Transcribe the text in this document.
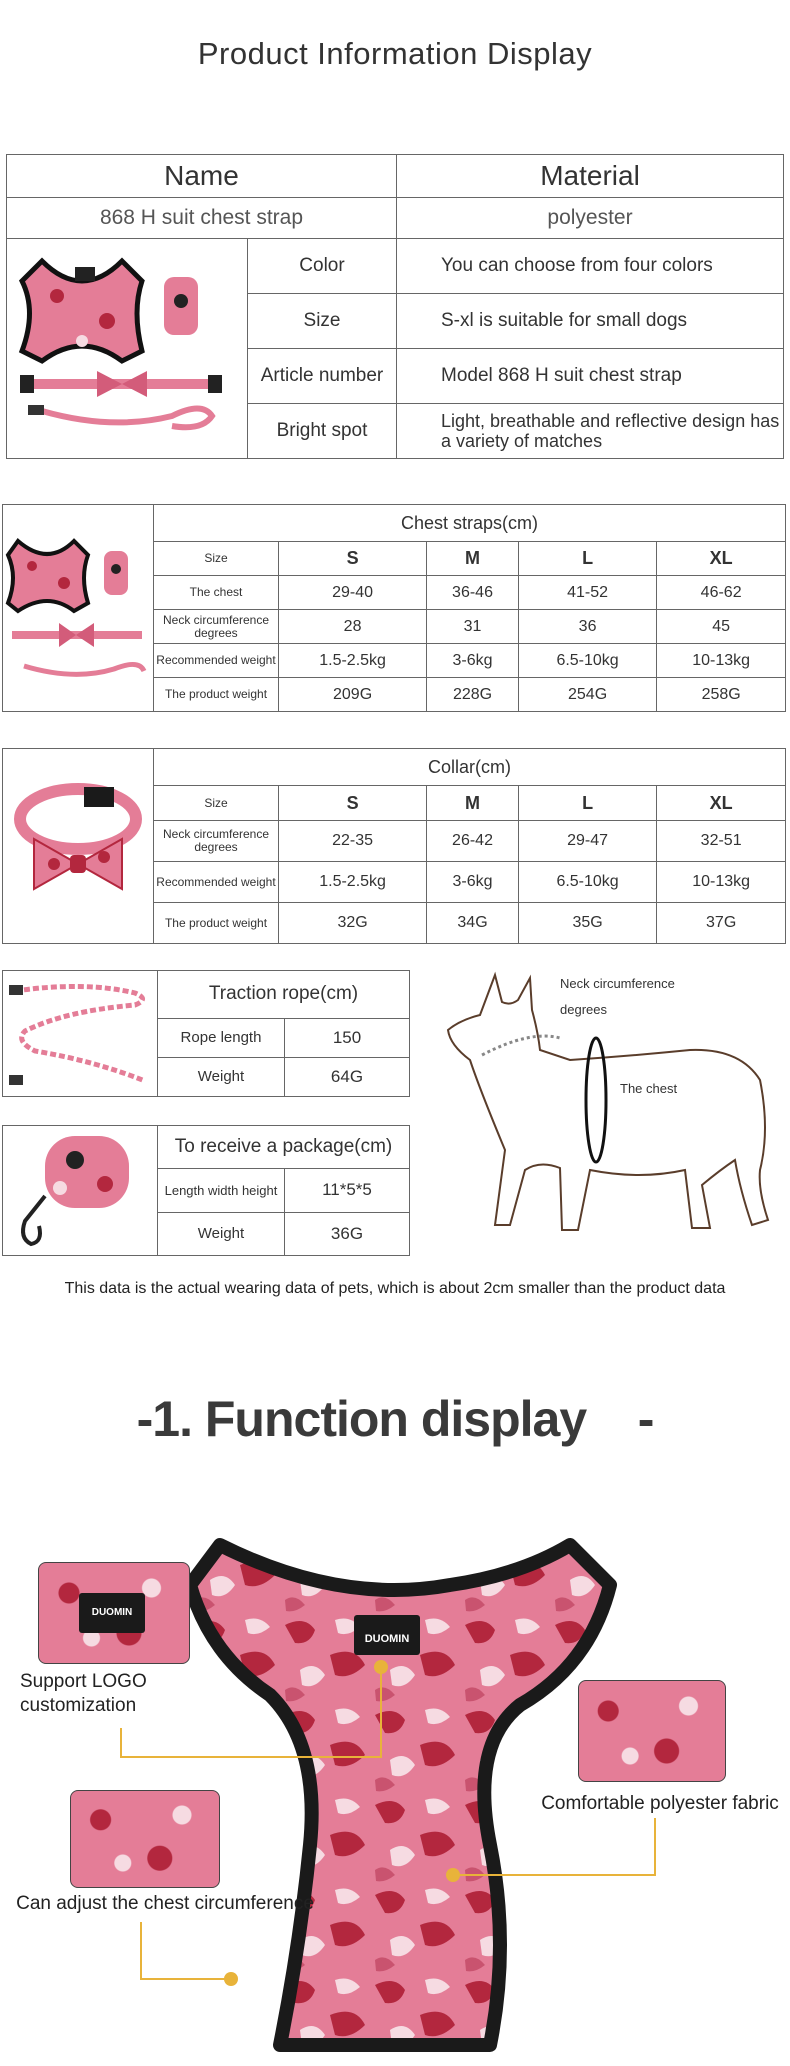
Product Information Display
Name		Material
868 H suit chest strap		polyester
	Color	You can choose from four colors
	Size	S-xl is suitable for small dogs
	Article number	Model 868 H suit chest strap
	Bright spot	Light, breathable and reflective design has a variety of matches
	Chest straps(cm)				
	Size	S	M	L	XL
	The chest	29-40	36-46	41-52	46-62
	Neck circumference degrees	28	31	36	45
	Recommended weight	1.5-2.5kg	3-6kg	6.5-10kg	10-13kg
	The product weight	209G	228G	254G	258G
	Collar(cm)				
	Size	S	M	L	XL
	Neck circumference degrees	22-35	26-42	29-47	32-51
	Recommended weight	1.5-2.5kg	3-6kg	6.5-10kg	10-13kg
	The product weight	32G	34G	35G	37G
	Traction rope(cm)	
	Rope length	150
	Weight	64G
	To receive a package(cm)	
	Length width height	11*5*5
	Weight	36G
Neck circumference
degrees
The chest
This data is the actual wearing data of pets, which is about 2cm smaller than the product data
-1. Function display    -
DUOMIN
DUOMIN
Support LOGO
customization
Comfortable polyester fabric
Can adjust the chest circumference
